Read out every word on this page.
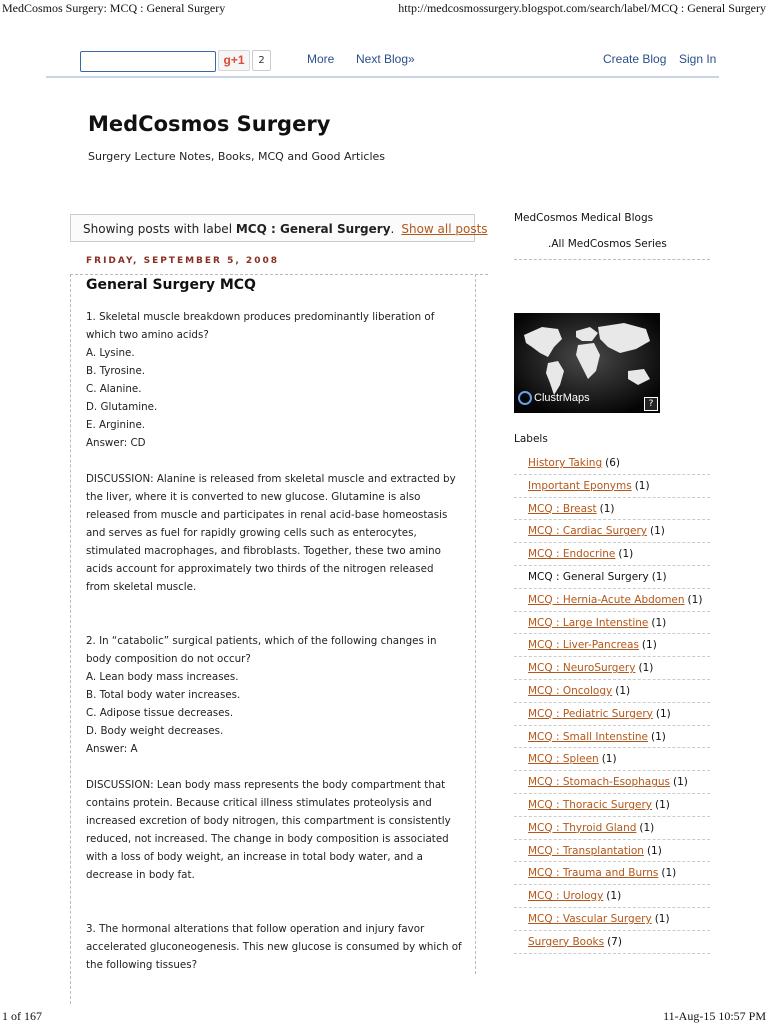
MedCosmos Surgery: MCQ : General Surgery	http://medcosmossurgery.blogspot.com/search/label/MCQ : General Surgery
g+1	2	More Next Blog»	Create Blog Sign In
MedCosmos Surgery
Surgery Lecture Notes, Books, MCQ and Good Articles
Showing posts with label MCQ : General Surgery. Show all posts
FRIDAY, SEPTEMBER 5, 2008
General Surgery MCQ
1. Skeletal muscle breakdown produces predominantly liberation of
which two amino acids?
A. Lysine.
B. Tyrosine.
C. Alanine.
D. Glutamine.
E. Arginine.
Answer: CD
DISCUSSION: Alanine is released from skeletal muscle and extracted by
the liver, where it is converted to new glucose. Glutamine is also
released from muscle and participates in renal acid-base homeostasis
and serves as fuel for rapidly growing cells such as enterocytes,
stimulated macrophages, and fibroblasts. Together, these two amino
acids account for approximately two thirds of the nitrogen released
from skeletal muscle.
2. In “catabolic” surgical patients, which of the following changes in
body composition do not occur?
A. Lean body mass increases.
B. Total body water increases.
C. Adipose tissue decreases.
D. Body weight decreases.
Answer: A
DISCUSSION: Lean body mass represents the body compartment that
contains protein. Because critical illness stimulates proteolysis and
increased excretion of body nitrogen, this compartment is consistently
reduced, not increased. The change in body composition is associated
with a loss of body weight, an increase in total body water, and a
decrease in body fat.
3. The hormonal alterations that follow operation and injury favor
accelerated gluconeogenesis. This new glucose is consumed by which of
the following tissues?
MedCosmos Medical Blogs
.All MedCosmos Series
ClustrMaps
?
Labels
History Taking (6)
Important Eponyms (1)
MCQ : Breast (1)
MCQ : Cardiac Surgery (1)
MCQ : Endocrine (1)
MCQ : General Surgery (1)
MCQ : Hernia-Acute Abdomen (1)
MCQ : Large Intenstine (1)
MCQ : Liver-Pancreas (1)
MCQ : NeuroSurgery (1)
MCQ : Oncology (1)
MCQ : Pediatric Surgery (1)
MCQ : Small Intenstine (1)
MCQ : Spleen (1)
MCQ : Stomach-Esophagus (1)
MCQ : Thoracic Surgery (1)
MCQ : Thyroid Gland (1)
MCQ : Transplantation (1)
MCQ : Trauma and Burns (1)
MCQ : Urology (1)
MCQ : Vascular Surgery (1)
Surgery Books (7)
1 of 167	11-Aug-15 10:57 PM
